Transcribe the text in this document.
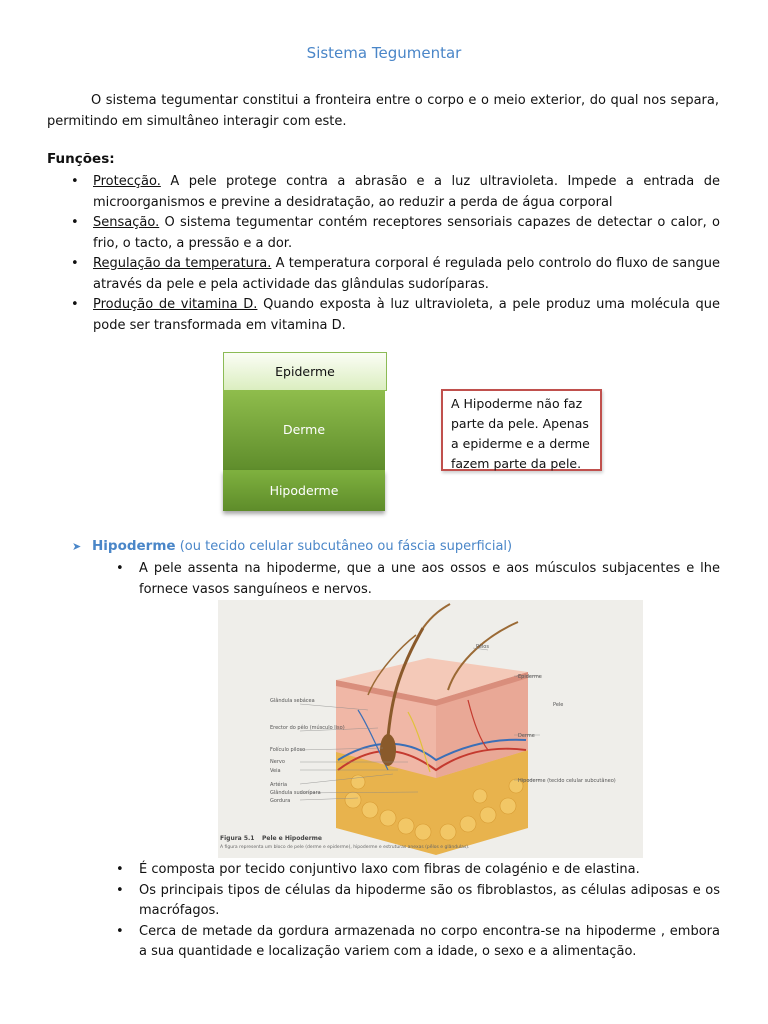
Sistema Tegumentar
O sistema tegumentar constitui a fronteira entre o corpo e o meio exterior, do qual nos separa, permitindo em simultâneo interagir com este.
Funções:
• Protecção. A pele protege contra a abrasão e a luz ultravioleta. Impede a entrada de microorganismos e previne a desidratação, ao reduzir a perda de água corporal
• Sensação. O sistema tegumentar contém receptores sensoriais capazes de detectar o calor, o frio, o tacto, a pressão e a dor.
• Regulação da temperatura. A temperatura corporal é regulada pelo controlo do fluxo de sangue através da pele e pela actividade das glândulas sudoríparas.
• Produção de vitamina D. Quando exposta à luz ultravioleta, a pele produz uma molécula que pode ser transformada em vitamina D.
Epiderme
Derme
Hipoderme
A Hipoderme não faz parte da pele. Apenas a epiderme e a derme fazem parte da pele.
➤ Hipoderme (ou tecido celular subcutâneo ou fáscia superficial)
• A pele assenta na hipoderme, que a une aos ossos e aos músculos subjacentes e lhe fornece vasos sanguíneos e nervos.
Glândula sebácea
Erector do pêlo (músculo liso)
Folículo piloso
Nervo
Veia
Artéria
Glândula sudorípara
Gordura
Epiderme
Pele
Derme
Hipoderme (tecido celular subcutâneo)
Pêlos
Figura 5.1 Pele e Hipoderme
A figura representa um bloco de pele (derme e epiderme), hipoderme e estruturas anexas (pêlos e glândulas).
• É composta por tecido conjuntivo laxo com fibras de colagénio e de elastina.
• Os principais tipos de células da hipoderme são os fibroblastos, as células adiposas e os macrófagos.
• Cerca de metade da gordura armazenada no corpo encontra-se na hipoderme , embora a sua quantidade e localização variem com a idade, o sexo e a alimentação.
